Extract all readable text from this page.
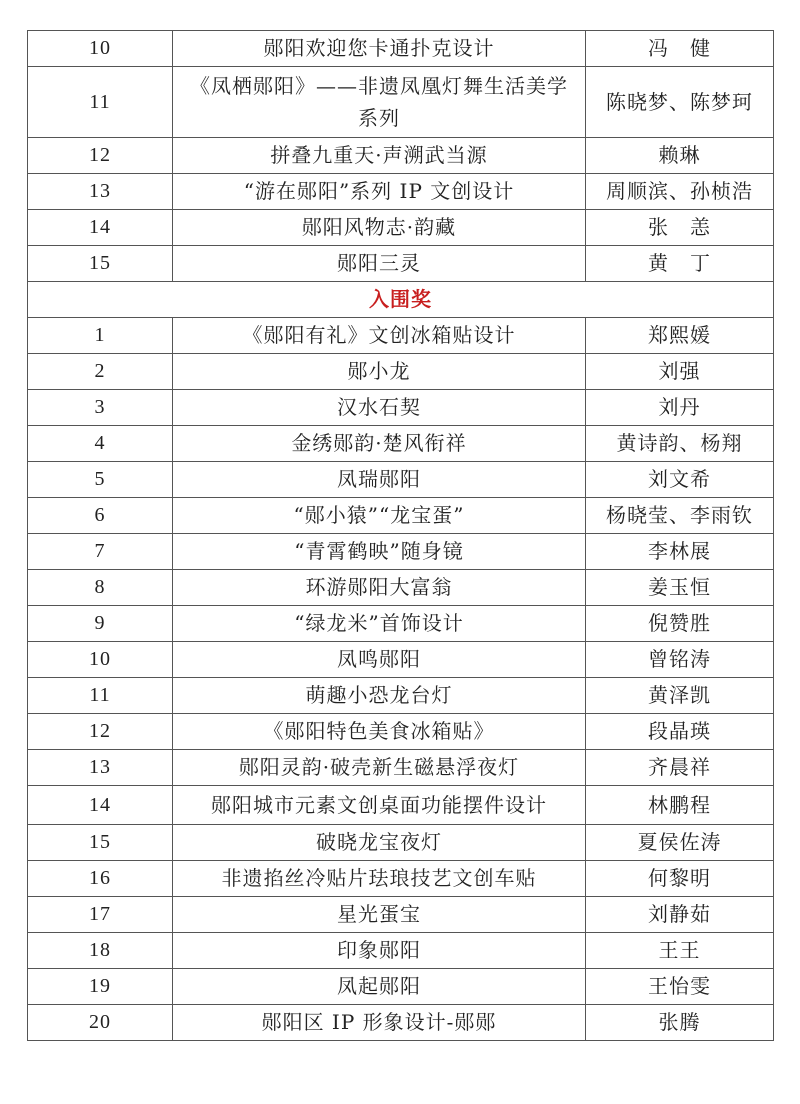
10	郧阳欢迎您卡通扑克设计	冯　健
11	《凤栖郧阳》——非遗凤凰灯舞生活美学系列	陈晓梦、陈梦珂
12	拼叠九重天·声溯武当源	赖琳
13	“游在郧阳”系列 IP 文创设计	周顺滨、孙桢浩
14	郧阳风物志·韵藏	张　恙
15	郧阳三灵	黄　丁
入围奖		
1	《郧阳有礼》文创冰箱贴设计	郑熙媛
2	郧小龙	刘强
3	汉水石契	刘丹
4	金绣郧韵·楚风衔祥	黄诗韵、杨翔
5	凤瑞郧阳	刘文希
6	“郧小猿”“龙宝蛋”	杨晓莹、李雨钦
7	“青霄鹤映”随身镜	李林展
8	环游郧阳大富翁	姜玉恒
9	“绿龙米”首饰设计	倪赞胜
10	凤鸣郧阳	曾铭涛
11	萌趣小恐龙台灯	黄泽凯
12	《郧阳特色美食冰箱贴》	段晶瑛
13	郧阳灵韵·破壳新生磁悬浮夜灯	齐晨祥
14	郧阳城市元素文创桌面功能摆件设计	林鹏程
15	破晓龙宝夜灯	夏侯佐涛
16	非遗掐丝冷贴片珐琅技艺文创车贴	何黎明
17	星光蛋宝	刘静茹
18	印象郧阳	王王
19	凤起郧阳	王怡雯
20	郧阳区 IP 形象设计-郧郧	张腾
